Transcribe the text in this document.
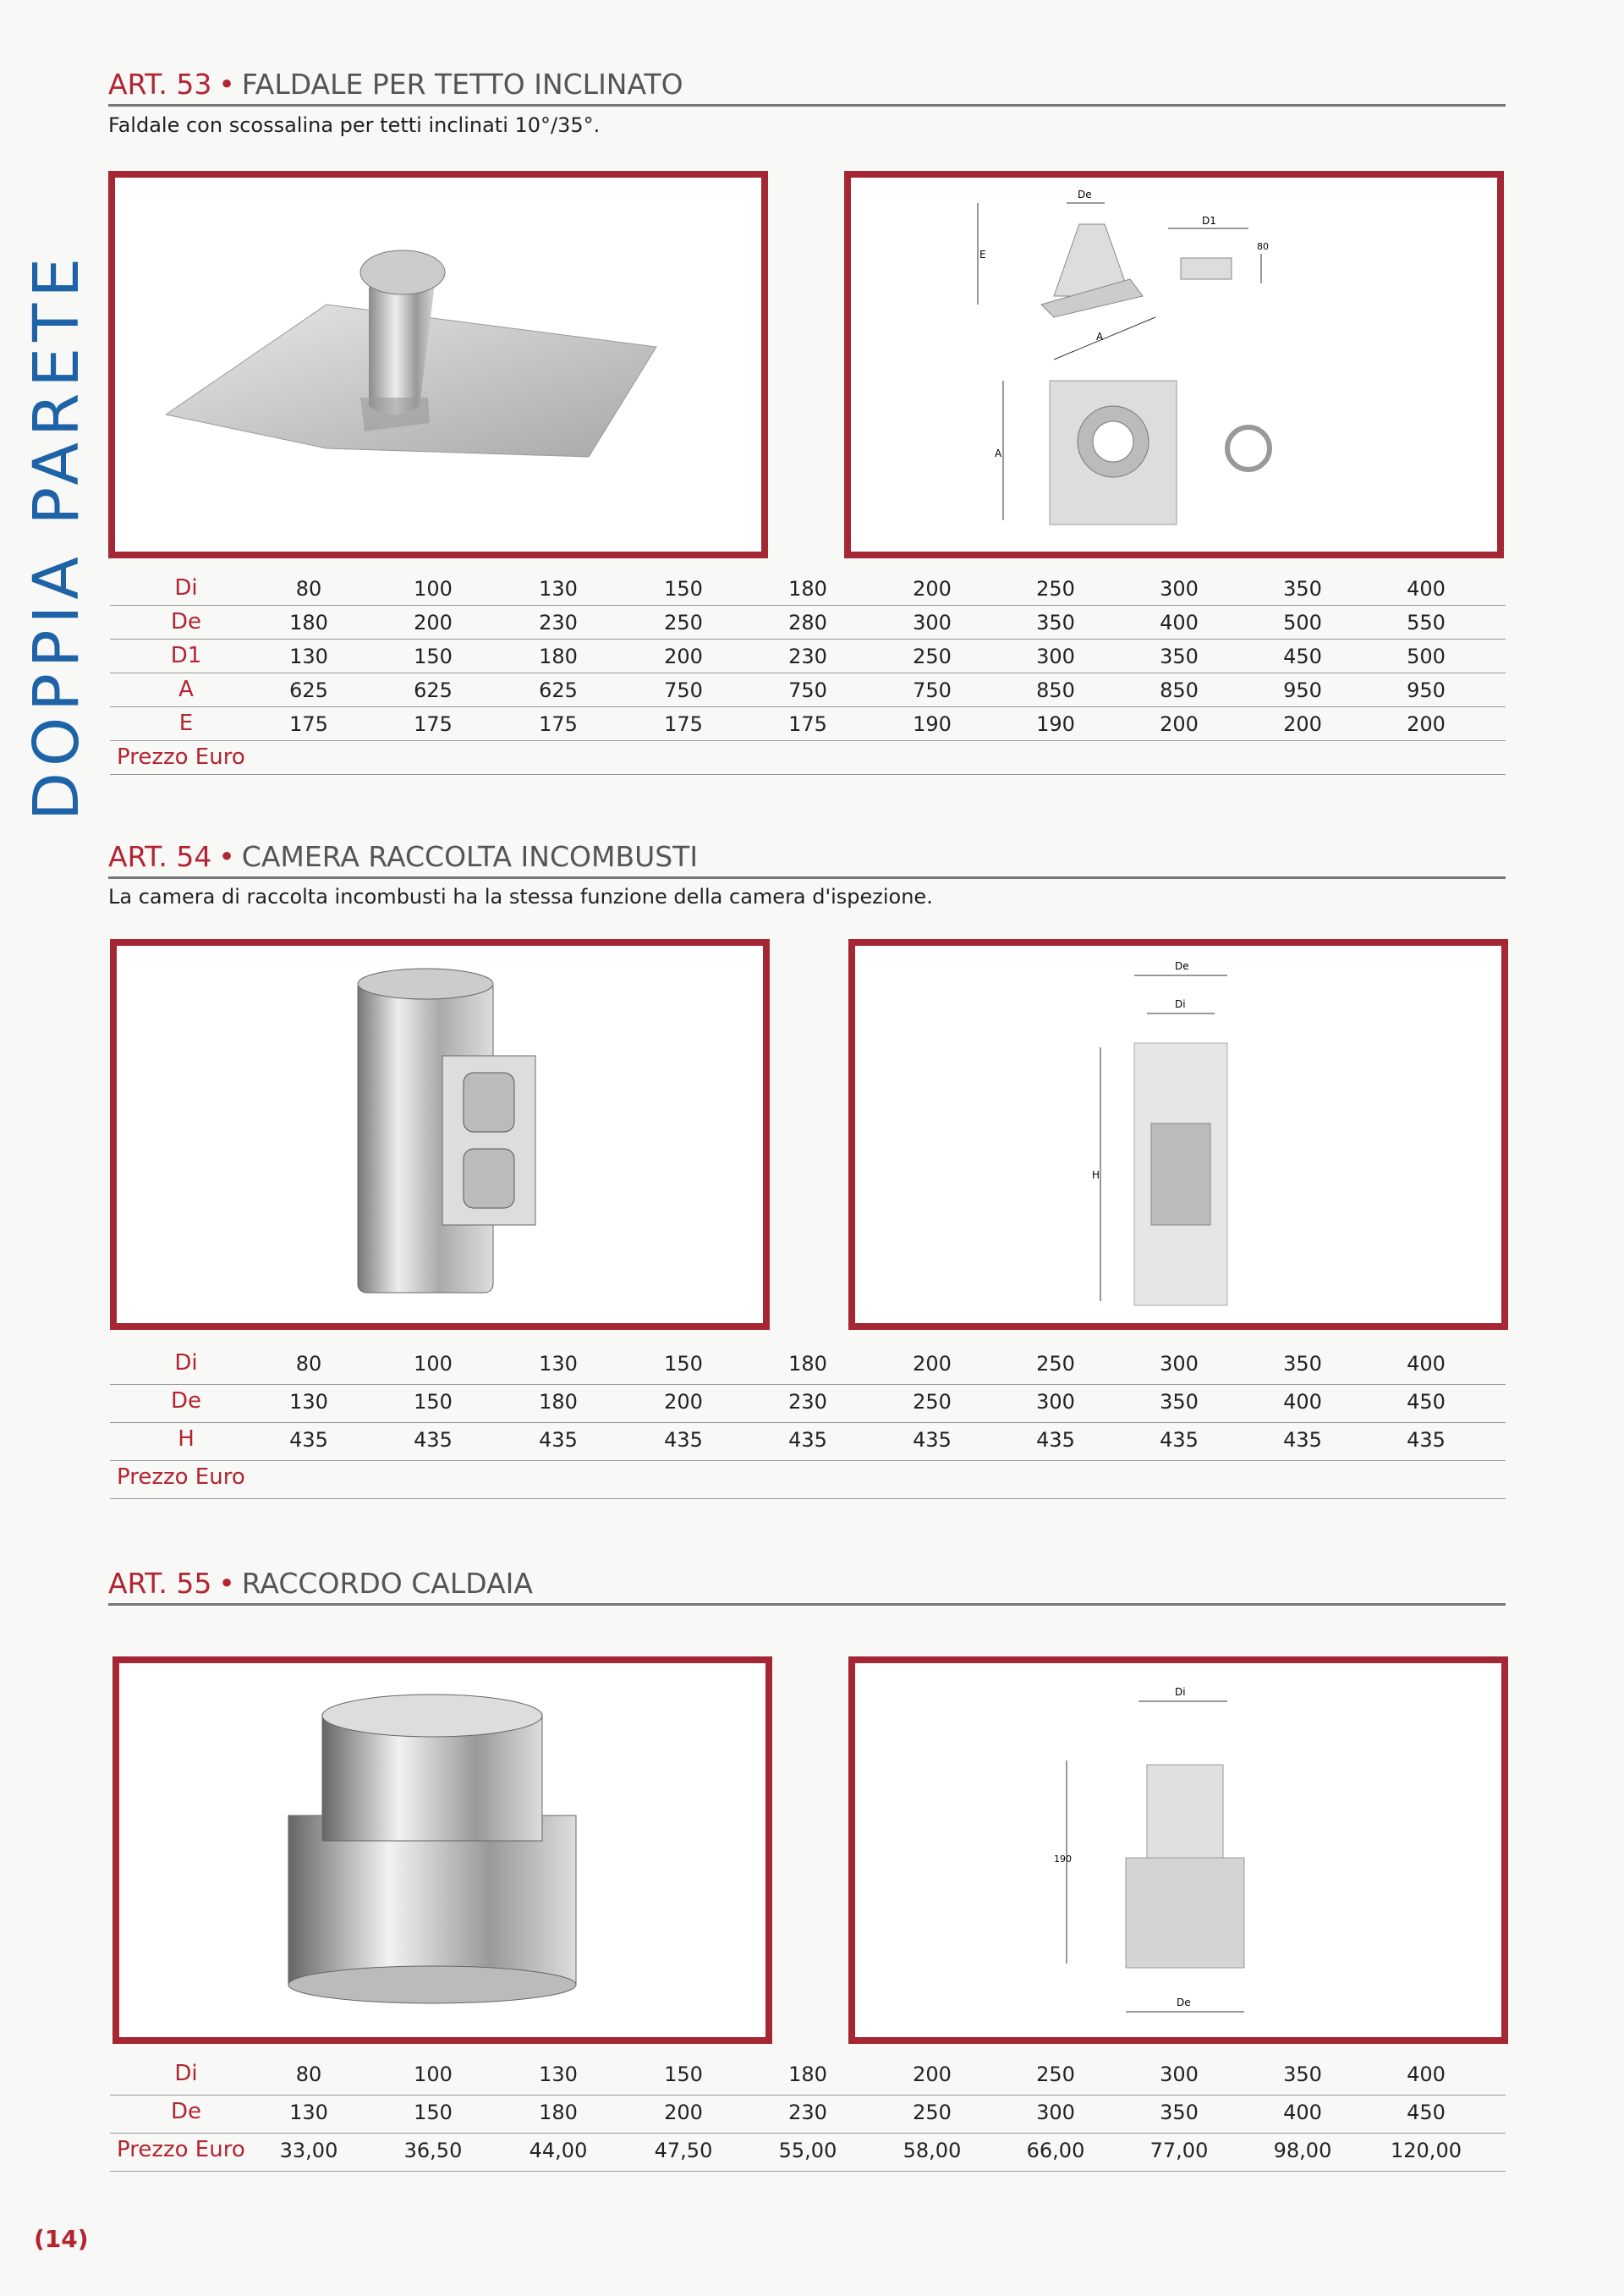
DOPPIA PARETE
ART. 53 • FALDALE PER TETTO INCLINATO
Faldale con scossalina per tetti inclinati 10°/35°.
De
E
A
D1
80
A
Di	80	100	130	150	180	200	250	300	350	400
De	180	200	230	250	280	300	350	400	500	550
D1	130	150	180	200	230	250	300	350	450	500
A	625	625	625	750	750	750	850	850	950	950
E	175	175	175	175	175	190	190	200	200	200
Prezzo Euro
ART. 54 • CAMERA RACCOLTA INCOMBUSTI
La camera di raccolta incombusti ha la stessa funzione della camera d'ispezione.
De
Di
H
Di	80	100	130	150	180	200	250	300	350	400
De	130	150	180	200	230	250	300	350	400	450
H	435	435	435	435	435	435	435	435	435	435
Prezzo Euro
ART. 55 • RACCORDO CALDAIA
Di
190
De
Di	80	100	130	150	180	200	250	300	350	400
De	130	150	180	200	230	250	300	350	400	450
Prezzo Euro	33,00	36,50	44,00	47,50	55,00	58,00	66,00	77,00	98,00	120,00
(14)
